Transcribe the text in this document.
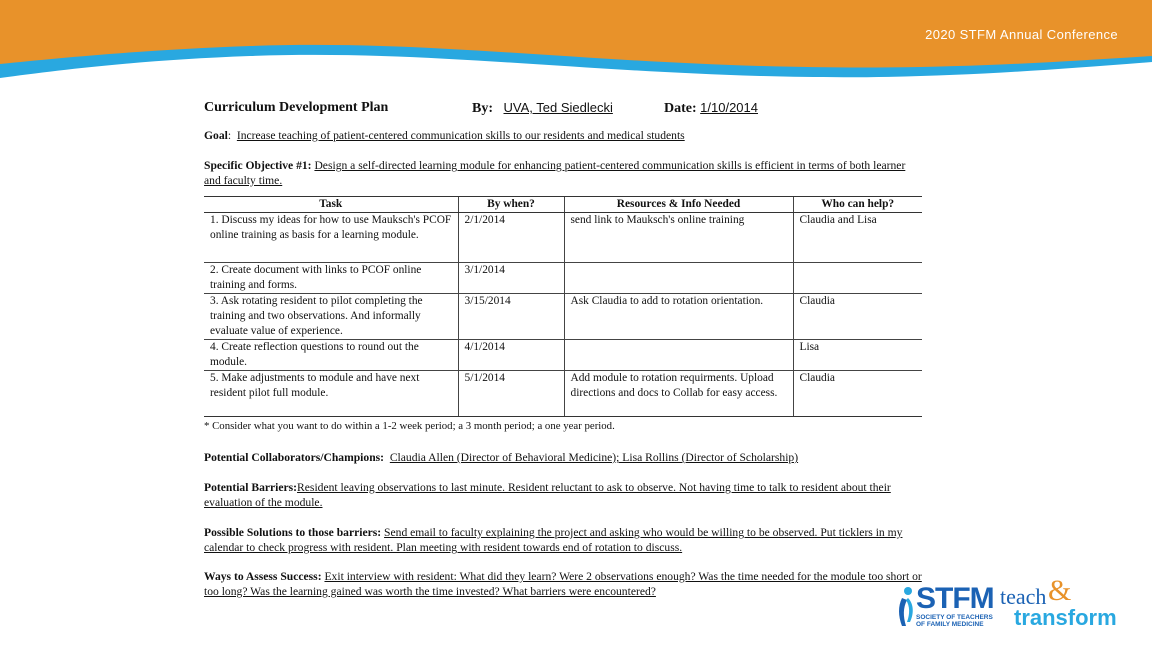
2020 STFM Annual Conference
Curriculum Development Plan	By: UVA, Ted Siedlecki	Date: 1/10/2014

Goal:  Increase teaching of patient-centered communication skills to our residents and medical students

Specific Objective #1: Design a self-directed learning module for enhancing patient-centered communication skills is efficient in terms of both learner and faculty time.

Task	By when?	Resources & Info Needed	Who can help?
1. Discuss my ideas for how to use Mauksch's PCOF online training as basis for a learning module.	2/1/2014	send link to Mauksch's online training	Claudia and Lisa
2. Create document with links to PCOF online training and forms.	3/1/2014		
3. Ask rotating resident to pilot completing the training and two observations. And informally evaluate value of experience.	3/15/2014	Ask Claudia to add to rotation orientation.	Claudia
4. Create reflection questions to round out the module.	4/1/2014		Lisa
5. Make adjustments to module and have next resident pilot full module.	5/1/2014	Add module to rotation requirments. Upload directions and docs to Collab for easy access.	Claudia
* Consider what you want to do within a 1-2 week period; a 3 month period; a one year period.

Potential Collaborators/Champions: Claudia Allen (Director of Behavioral Medicine); Lisa Rollins (Director of Scholarship)

Potential Barriers:Resident leaving observations to last minute. Resident reluctant to ask to observe. Not having time to talk to resident about their evaluation of the module.

Possible Solutions to those barriers: Send email to faculty explaining the project and asking who would be willing to be observed. Put ticklers in my calendar to check progress with resident. Plan meeting with resident towards end of rotation to discuss.

Ways to Assess Success: Exit interview with resident: What did they learn? Were 2 observations enough? Was the time needed for the module too short or too long? Was the learning gained was worth the time invested? What barriers were encountered?	STFM
SOCIETY OF TEACHERS OF FAMILY MEDICINE
teach &
transform
